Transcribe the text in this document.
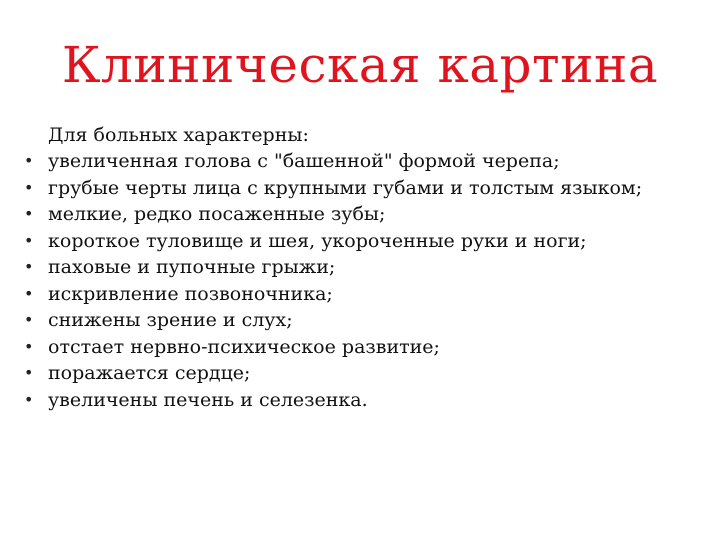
Клиническая картина
Для больных характерны:
• увеличенная голова с "башенной" формой черепа;
• грубые черты лица с крупными губами и толстым языком;
• мелкие, редко посаженные зубы;
• короткое туловище и шея, укороченные руки и ноги;
• паховые и пупочные грыжи;
• искривление позвоночника;
• снижены зрение и слух;
• отстает нервно-психическое развитие;
• поражается сердце;
• увеличены печень и селезенка.
